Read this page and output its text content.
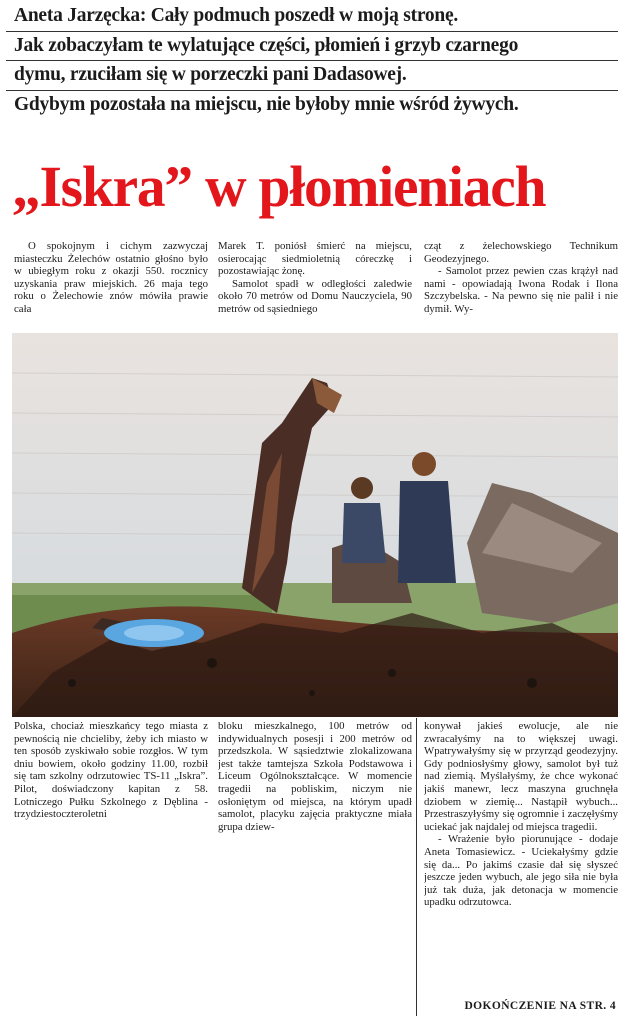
Aneta Jarzęcka: Cały podmuch poszedł w moją stronę.
Jak zobaczyłam te wylatujące części, płomień i grzyb czarnego
dymu, rzuciłam się w porzeczki pani Dadasowej.
Gdybym pozostała na miejscu, nie byłoby mnie wśród żywych.
„Iskra” w płomieniach

O spokojnym i cichym zazwyczaj miasteczku Żelechów ostatnio głośno było w ubiegłym roku z okazji 550. rocznicy uzyskania praw miejskich. 26 maja tego roku o Żelechowie znów mówiła prawie cała

Marek T. poniósł śmierć na miejscu, osierocając siedmioletnią córeczkę i pozostawiając żonę.

Samolot spadł w odległości zaledwie około 70 metrów od Domu Nauczyciela, 90 metrów od sąsiedniego

cząt z żelechowskiego Technikum Geodezyjnego.

- Samolot przez pewien czas krążył nad nami - opowiadają Iwona Rodak i Ilona Szczybelska. - Na pewno się nie palił i nie dymił. Wy-

Polska, chociaż mieszkańcy tego miasta z pewnością nie chcieliby, żeby ich miasto w ten sposób zyskiwało sobie rozgłos. W tym dniu bowiem, około godziny 11.00, rozbił się tam szkolny odrzutowiec TS-11 „Iskra”. Pilot, doświadczony kapitan z 58. Lotniczego Pułku Szkolnego z Dęblina - trzydziestoczteroletni

bloku mieszkalnego, 100 metrów od indywidualnych posesji i 200 metrów od przedszkola. W sąsiedztwie zlokalizowana jest także tamtejsza Szkoła Podstawowa i Liceum Ogólnokształcące. W momencie tragedii na pobliskim, niczym nie osłoniętym od miejsca, na którym upadł samolot, placyku zajęcia praktyczne miała grupa dziew-

konywał jakieś ewolucje, ale nie zwracałyśmy na to większej uwagi. Wpatrywałyśmy się w przyrząd geodezyjny. Gdy podniosłyśmy głowy, samolot był tuż nad ziemią. Myślałyśmy, że chce wykonać jakiś manewr, lecz maszyna gruchnęła dziobem w ziemię... Nastąpił wybuch... Przestraszyłyśmy się ogromnie i zaczęłyśmy uciekać jak najdalej od miejsca tragedii.

- Wrażenie było piorunujące - dodaje Aneta Tomasiewicz. - Uciekałyśmy gdzie się da... Po jakimś czasie dał się słyszeć jeszcze jeden wybuch, ale jego siła nie była już tak duża, jak detonacja w momencie upadku odrzutowca.

DOKOŃCZENIE NA STR. 4
